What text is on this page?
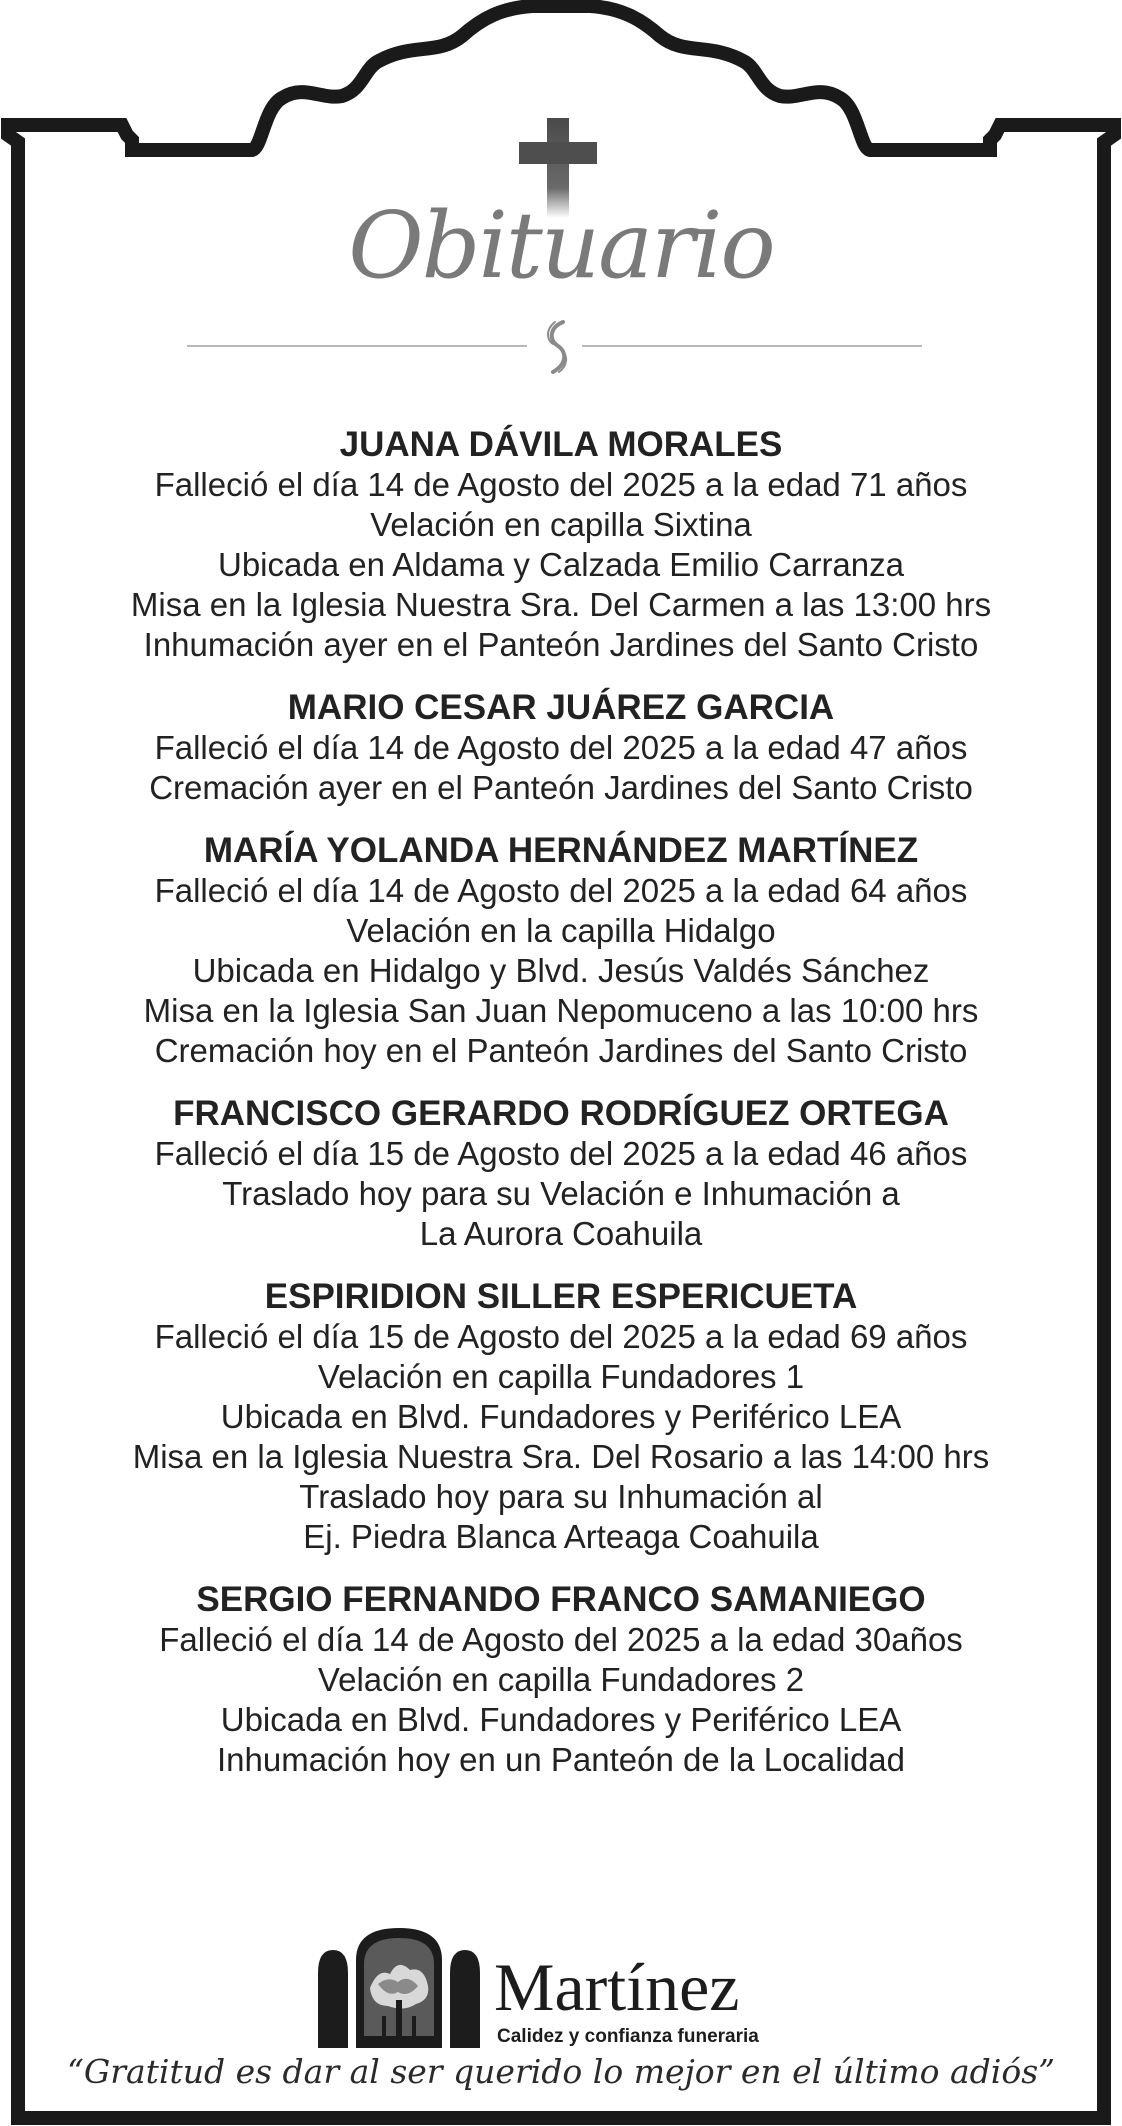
Obituario
JUANA DÁVILA MORALES
Falleció el día 14 de Agosto del 2025 a la edad 71 años
Velación en capilla Sixtina
Ubicada en Aldama y Calzada Emilio Carranza
Misa en la Iglesia Nuestra Sra. Del Carmen a las 13:00 hrs
Inhumación ayer en el Panteón Jardines del Santo Cristo
MARIO CESAR JUÁREZ GARCIA
Falleció el día 14 de Agosto del 2025 a la edad 47 años
Cremación ayer en el Panteón Jardines del Santo Cristo
MARÍA YOLANDA HERNÁNDEZ MARTÍNEZ
Falleció el día 14 de Agosto del 2025 a la edad 64 años
Velación en la capilla Hidalgo
Ubicada en Hidalgo y Blvd. Jesús Valdés Sánchez
Misa en la Iglesia San Juan Nepomuceno a las 10:00 hrs
Cremación hoy en el Panteón Jardines del Santo Cristo
FRANCISCO GERARDO RODRÍGUEZ ORTEGA
Falleció el día 15 de Agosto del 2025 a la edad 46 años
Traslado hoy para su Velación e Inhumación a
La Aurora Coahuila
ESPIRIDION SILLER ESPERICUETA
Falleció el día 15 de Agosto del 2025 a la edad 69 años
Velación en capilla Fundadores 1
Ubicada en Blvd. Fundadores y Periférico LEA
Misa en la Iglesia Nuestra Sra. Del Rosario a las 14:00 hrs
Traslado hoy para su Inhumación al
Ej. Piedra Blanca Arteaga Coahuila
SERGIO FERNANDO FRANCO SAMANIEGO
Falleció el día 14 de Agosto del 2025 a la edad 30años
Velación en capilla Fundadores 2
Ubicada en Blvd. Fundadores y Periférico LEA
Inhumación hoy en un Panteón de la Localidad
Martínez
Calidez y confianza funeraria
“Gratitud es dar al ser querido lo mejor en el último adiós”
